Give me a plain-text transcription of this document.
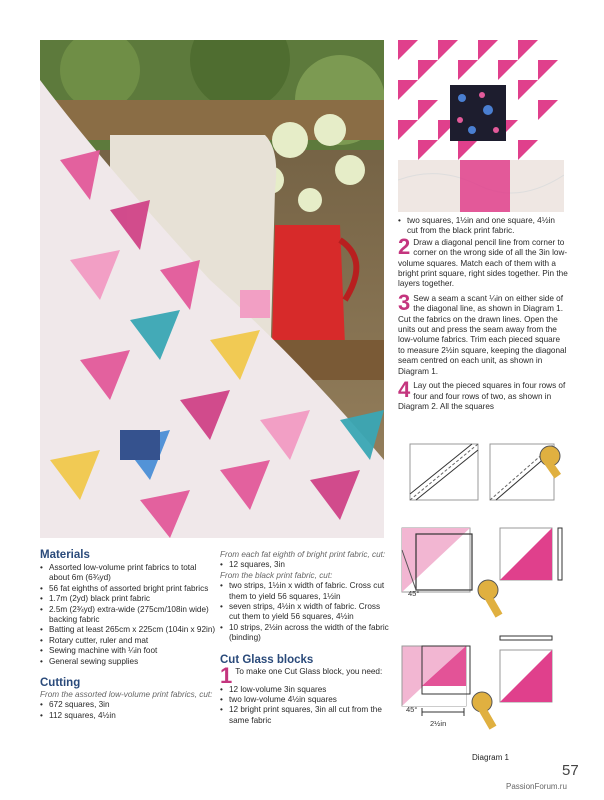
• two squares, 1½in and one square, 4½in cut from the black print fabric.
2 Draw a diagonal pencil line from corner to corner on the wrong side of all the 3in low-volume squares. Match each of them with a bright print square, right sides together. Pin the layers together.

3 Sew a seam a scant ¼in on either side of the diagonal line, as shown in Diagram 1. Cut the fabrics on the drawn lines. Open the units out and press the seam away from the low-volume fabrics. Trim each pieced square to measure 2½in square, keeping the diagonal seam centred on each unit, as shown in Diagram 1.

4 Lay out the pieced squares in four rows of four and four rows of two, as shown in Diagram 2. All the squares

45°
45°
2½in
Diagram 1
Materials
• Assorted low-volume print fabrics to total about 6m (6¾yd)
• 56 fat eighths of assorted bright print fabrics
• 1.7m (2yd) black print fabric
• 2.5m (2¾yd) extra-wide (275cm/108in wide) backing fabric
• Batting at least 265cm x 225cm (104in x 92in)
• Rotary cutter, ruler and mat
• Sewing machine with ¼in foot
• General sewing supplies
Cutting
From the assorted low-volume print fabrics, cut:
• 672 squares, 3in
• 112 squares, 4½in
From each fat eighth of bright print fabric, cut:
• 12 squares, 3in
From the black print fabric, cut:
• two strips, 1½in x width of fabric. Cross cut them to yield 56 squares, 1½in
• seven strips, 4½in x width of fabric. Cross cut them to yield 56 squares, 4½in
• 10 strips, 2½in across the width of the fabric (binding)
Cut Glass blocks
1 To make one Cut Glass block, you need:

• 12 low-volume 3in squares
• two low-volume 4½in squares
• 12 bright print squares, 3in all cut from the same fabric
57
PassionForum.ru
